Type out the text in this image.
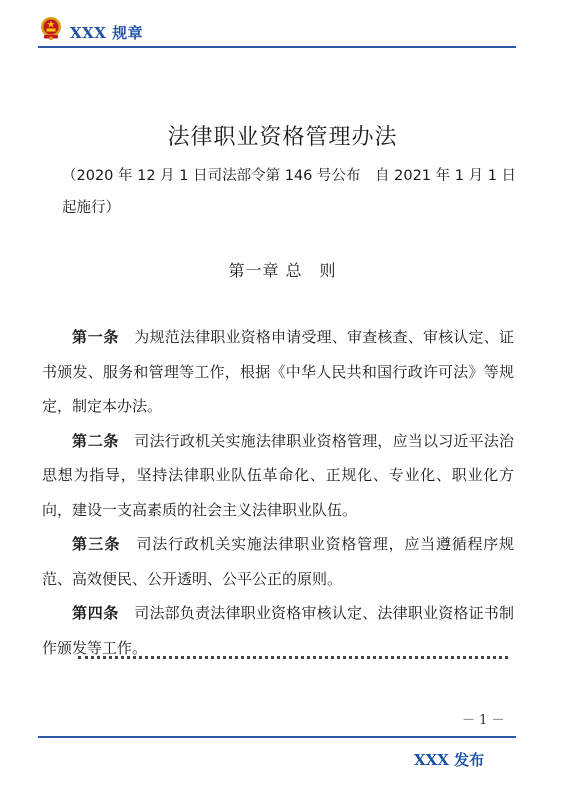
XXX 规章
法律职业资格管理办法
（2020 年 12 月 1 日司法部令第 146 号公布　自 2021 年 1 月 1 日起施行）
第一章 总　则

第一条　为规范法律职业资格申请受理、审查核查、审核认定、证书颁发、服务和管理等工作，根据《中华人民共和国行政许可法》等规定，制定本办法。

第二条　司法行政机关实施法律职业资格管理，应当以习近平法治思想为指导，坚持法律职业队伍革命化、正规化、专业化、职业化方向，建设一支高素质的社会主义法律职业队伍。

第三条　司法行政机关实施法律职业资格管理，应当遵循程序规范、高效便民、公开透明、公平公正的原则。

第四条　司法部负责法律职业资格审核认定、法律职业资格证书制作颁发等工作。

－ 1 －
XXX 发布
